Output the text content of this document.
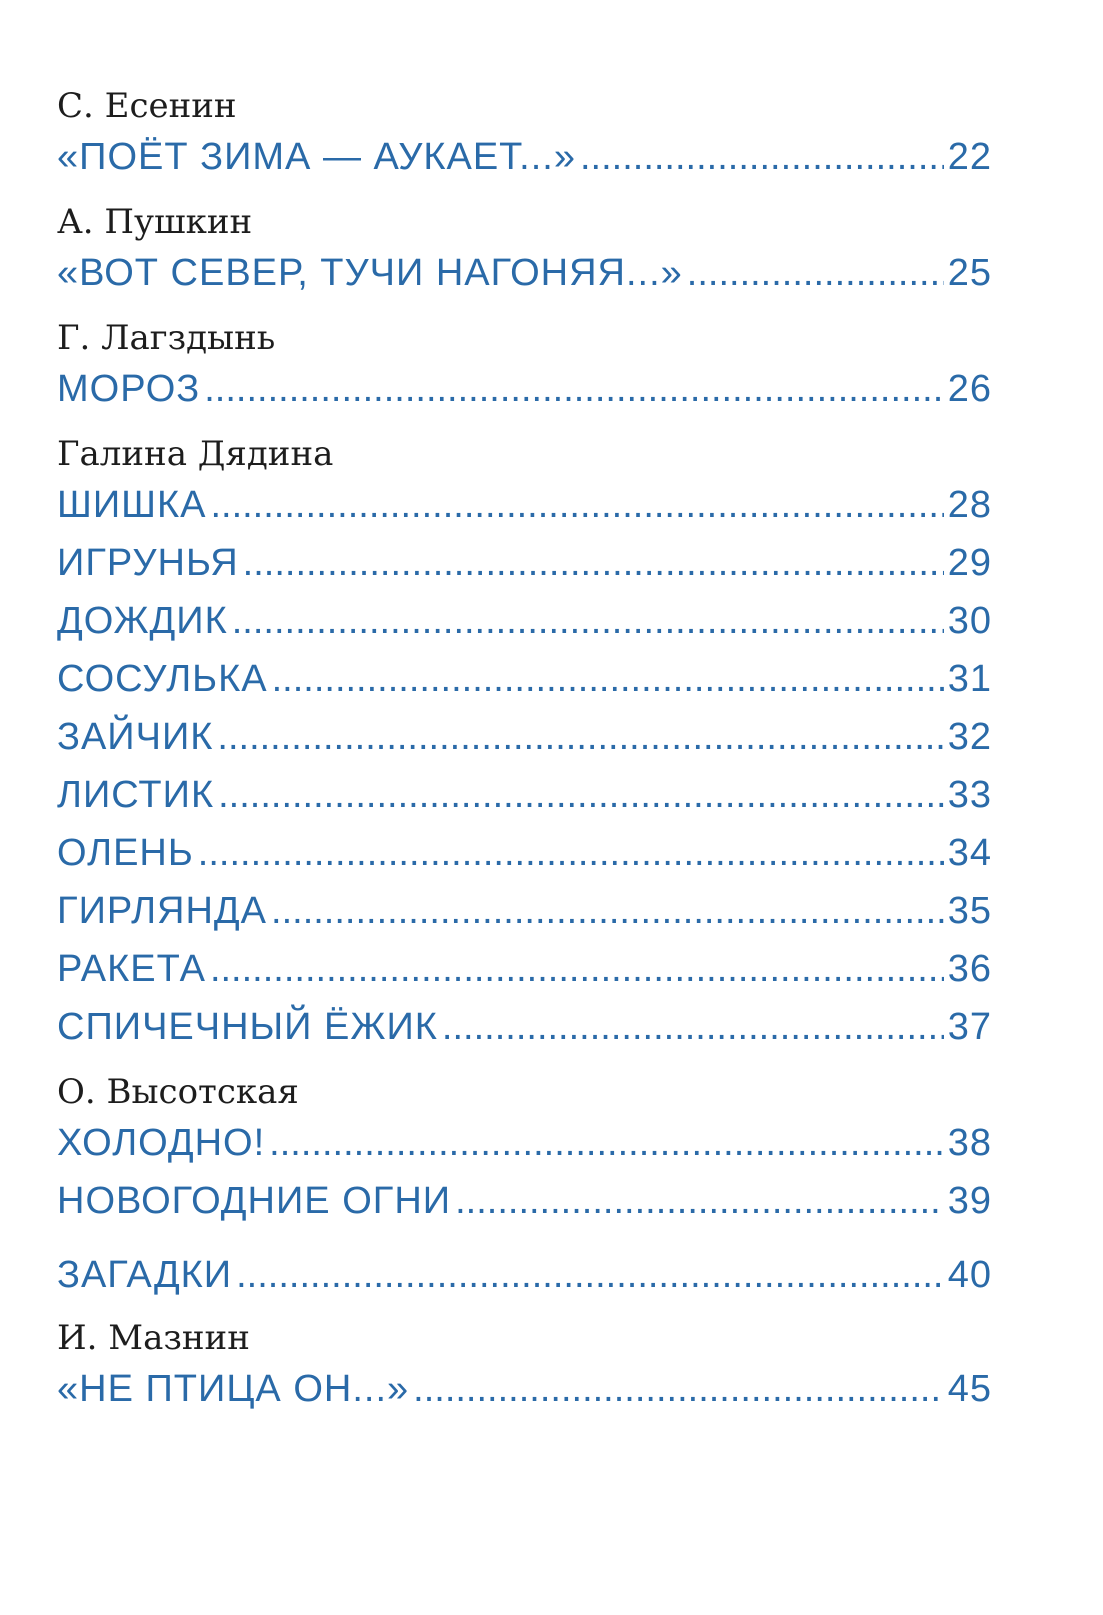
С. Есенин
«ПОЁТ ЗИМА — АУКАЕТ...» .....	22
А. Пушкин
«ВОТ СЕВЕР, ТУЧИ НАГОНЯЯ...» .....	25
Г. Лагздынь
МОРОЗ .....	26
Галина Дядина
ШИШКА .....	28
ИГРУНЬЯ .....	29
ДОЖДИК .....	30
СОСУЛЬКА .....	31
ЗАЙЧИК .....	32
ЛИСТИК .....	33
ОЛЕНЬ .....	34
ГИРЛЯНДА .....	35
РАКЕТА .....	36
СПИЧЕЧНЫЙ ЁЖИК .....	37
О. Высотская
ХОЛОДНО! .....	38
НОВОГОДНИЕ ОГНИ .....	39
ЗАГАДКИ .....	40
И. Мазнин
«НЕ ПТИЦА ОН...» .....	45
